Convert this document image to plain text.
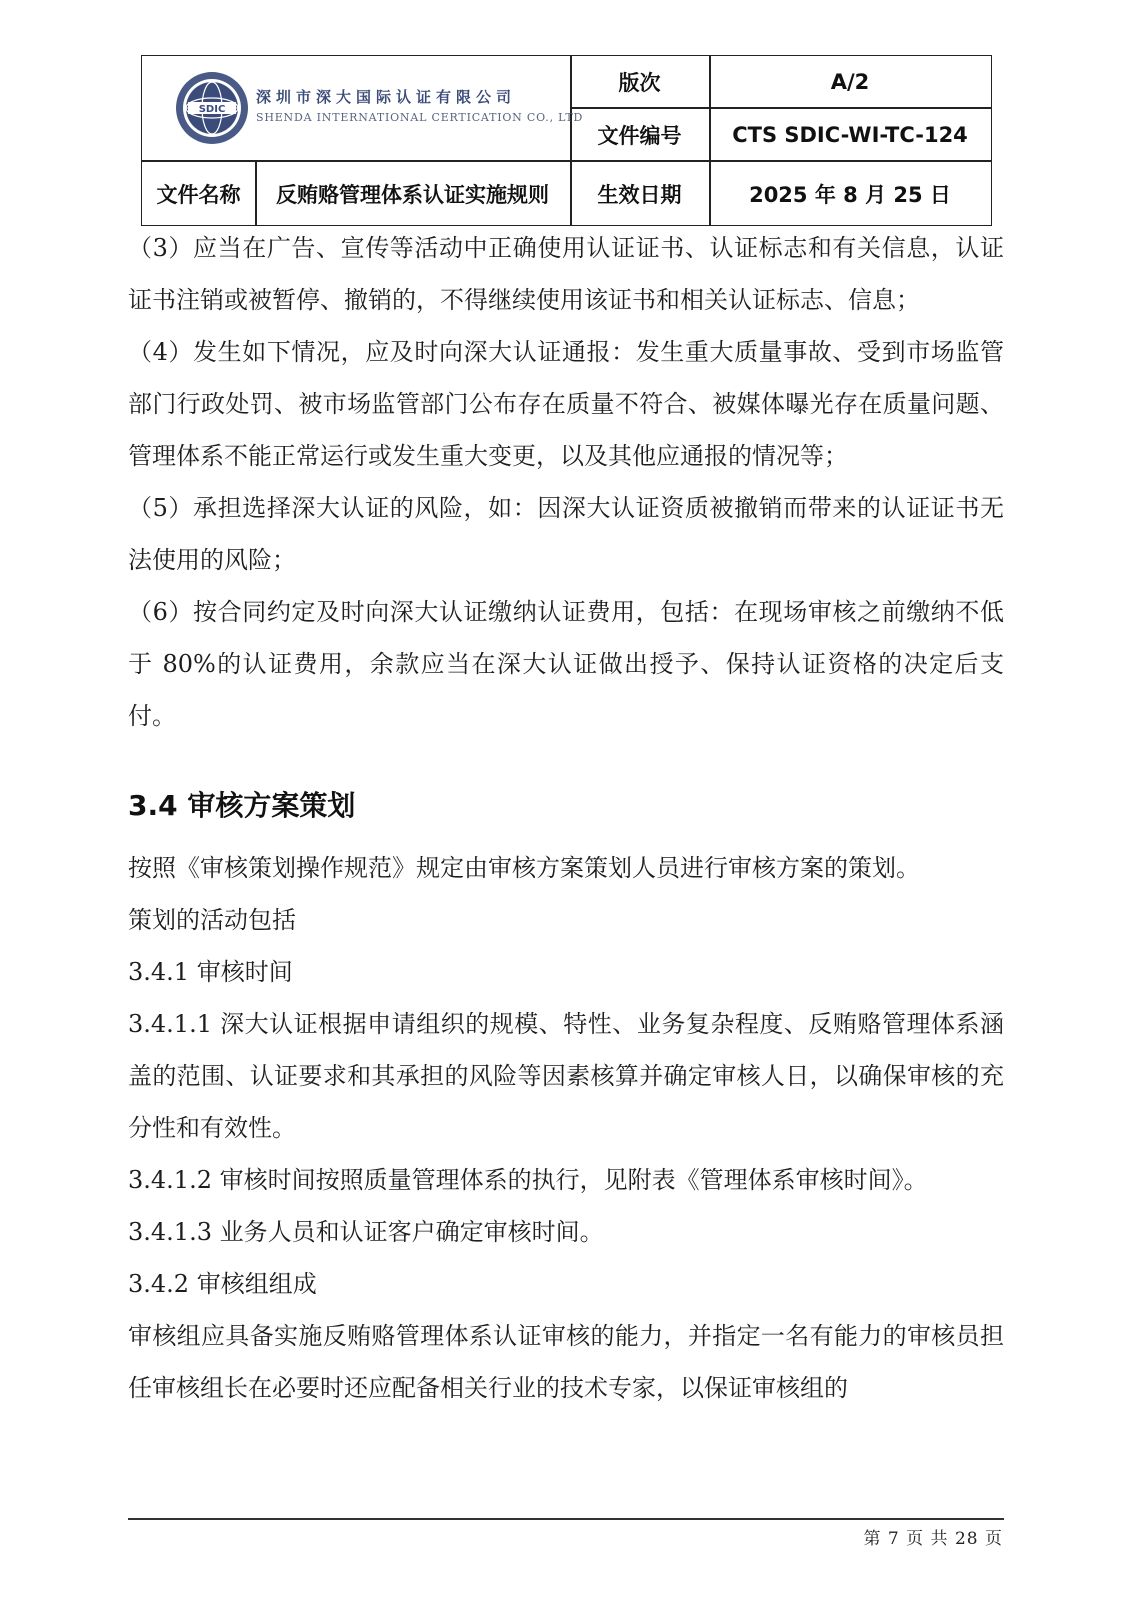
SDIC
深圳市深大国际认证有限公司
SHENDA INTERNATIONAL CERTICATION CO., LTD
版次	A/2
文件编号	CTS SDIC-WI-TC-124
文件名称	反贿赂管理体系认证实施规则	生效日期	2025 年 8 月 25 日

（3）应当在广告、宣传等活动中正确使用认证证书、认证标志和有关信息，认证证书注销或被暂停、撤销的，不得继续使用该证书和相关认证标志、信息；

（4）发生如下情况，应及时向深大认证通报：发生重大质量事故、受到市场监管部门行政处罚、被市场监管部门公布存在质量不符合、被媒体曝光存在质量问题、管理体系不能正常运行或发生重大变更，以及其他应通报的情况等；

（5）承担选择深大认证的风险，如：因深大认证资质被撤销而带来的认证证书无法使用的风险；

（6）按合同约定及时向深大认证缴纳认证费用，包括：在现场审核之前缴纳不低于 80%的认证费用，余款应当在深大认证做出授予、保持认证资格的决定后支付。

3.4 审核方案策划

按照《审核策划操作规范》规定由审核方案策划人员进行审核方案的策划。

策划的活动包括

3.4.1 审核时间

3.4.1.1 深大认证根据申请组织的规模、特性、业务复杂程度、反贿赂管理体系涵盖的范围、认证要求和其承担的风险等因素核算并确定审核人日，以确保审核的充分性和有效性。

3.4.1.2 审核时间按照质量管理体系的执行，见附表《管理体系审核时间》。

3.4.1.3 业务人员和认证客户确定审核时间。

3.4.2 审核组组成

审核组应具备实施反贿赂管理体系认证审核的能力，并指定一名有能力的审核员担任审核组长在必要时还应配备相关行业的技术专家，以保证审核组的

第 7 页 共 28 页
